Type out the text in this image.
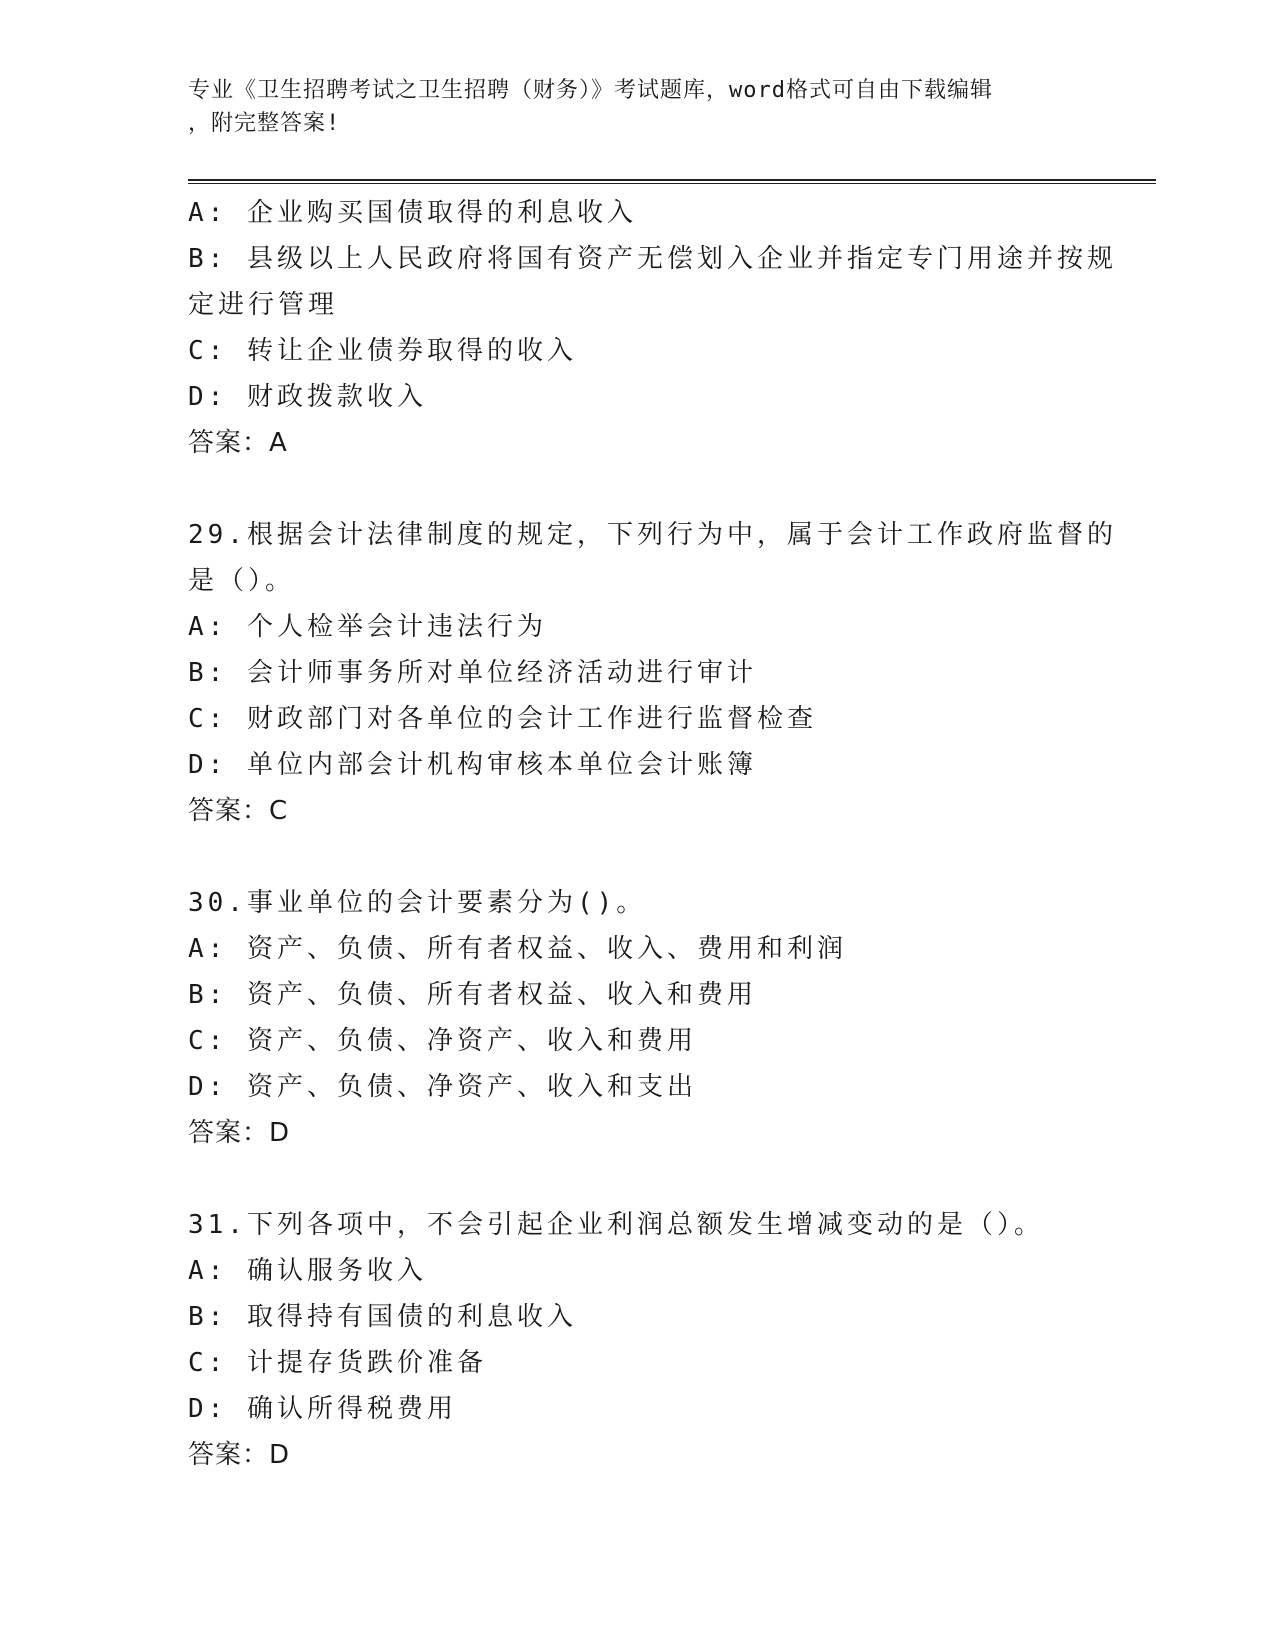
专业《卫生招聘考试之卫生招聘（财务）》考试题库，word格式可自由下载编辑
，附完整答案!
A: 企业购买国债取得的利息收入
B: 县级以上人民政府将国有资产无偿划入企业并指定专门用途并按规
定进行管理
C: 转让企业债券取得的收入
D: 财政拨款收入
答案：A
29.根据会计法律制度的规定，下列行为中，属于会计工作政府监督的
是（）。
A: 个人检举会计违法行为
B: 会计师事务所对单位经济活动进行审计
C: 财政部门对各单位的会计工作进行监督检查
D: 单位内部会计机构审核本单位会计账簿
答案：C
30.事业单位的会计要素分为()。
A: 资产、负债、所有者权益、收入、费用和利润
B: 资产、负债、所有者权益、收入和费用
C: 资产、负债、净资产、收入和费用
D: 资产、负债、净资产、收入和支出
答案：D
31.下列各项中，不会引起企业利润总额发生增减变动的是（）。
A: 确认服务收入
B: 取得持有国债的利息收入
C: 计提存货跌价准备
D: 确认所得税费用
答案：D
